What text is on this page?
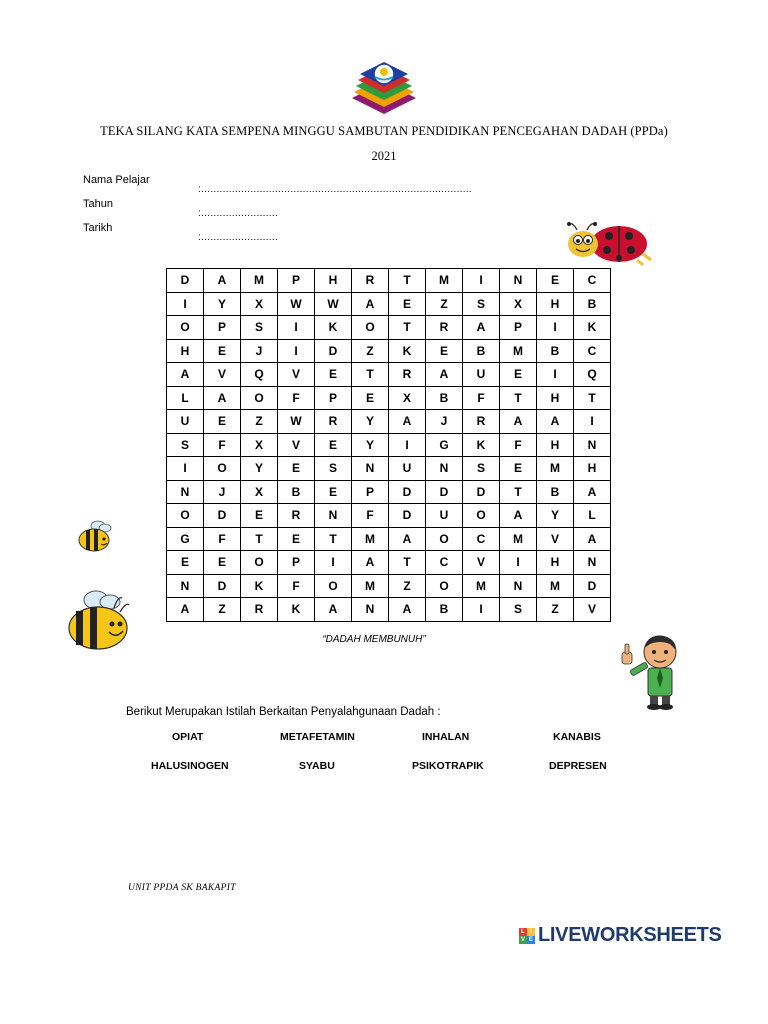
TEKA SILANG KATA SEMPENA MINGGU SAMBUTAN PENDIDIKAN PENCEGAHAN DADAH (PPDa)
2021
Nama Pelajar
:........................................................................................
Tahun
:.........................
Tarikh
:.........................
D	A	M	P	H	R	T	M	I	N	E	C
I	Y	X	W	W	A	E	Z	S	X	H	B
O	P	S	I	K	O	T	R	A	P	I	K
H	E	J	I	D	Z	K	E	B	M	B	C
A	V	Q	V	E	T	R	A	U	E	I	Q
L	A	O	F	P	E	X	B	F	T	H	T
U	E	Z	W	R	Y	A	J	R	A	A	I
S	F	X	V	E	Y	I	G	K	F	H	N
I	O	Y	E	S	N	U	N	S	E	M	H
N	J	X	B	E	P	D	D	D	T	B	A
O	D	E	R	N	F	D	U	O	A	Y	L
G	F	T	E	T	M	A	O	C	M	V	A
E	E	O	P	I	A	T	C	V	I	H	N
N	D	K	F	O	M	Z	O	M	N	M	D
A	Z	R	K	A	N	A	B	I	S	Z	V
“DADAH MEMBUNUH”
Berikut Merupakan Istilah Berkaitan Penyalahgunaan Dadah :
OPIAT	METAFETAMIN	INHALAN	KANABIS
HALUSINOGEN	SYABU	PSIKOTRAPIK	DEPRESEN
UNIT PPDA SK BAKAPIT
L I
V E LIVEWORKSHEETS
